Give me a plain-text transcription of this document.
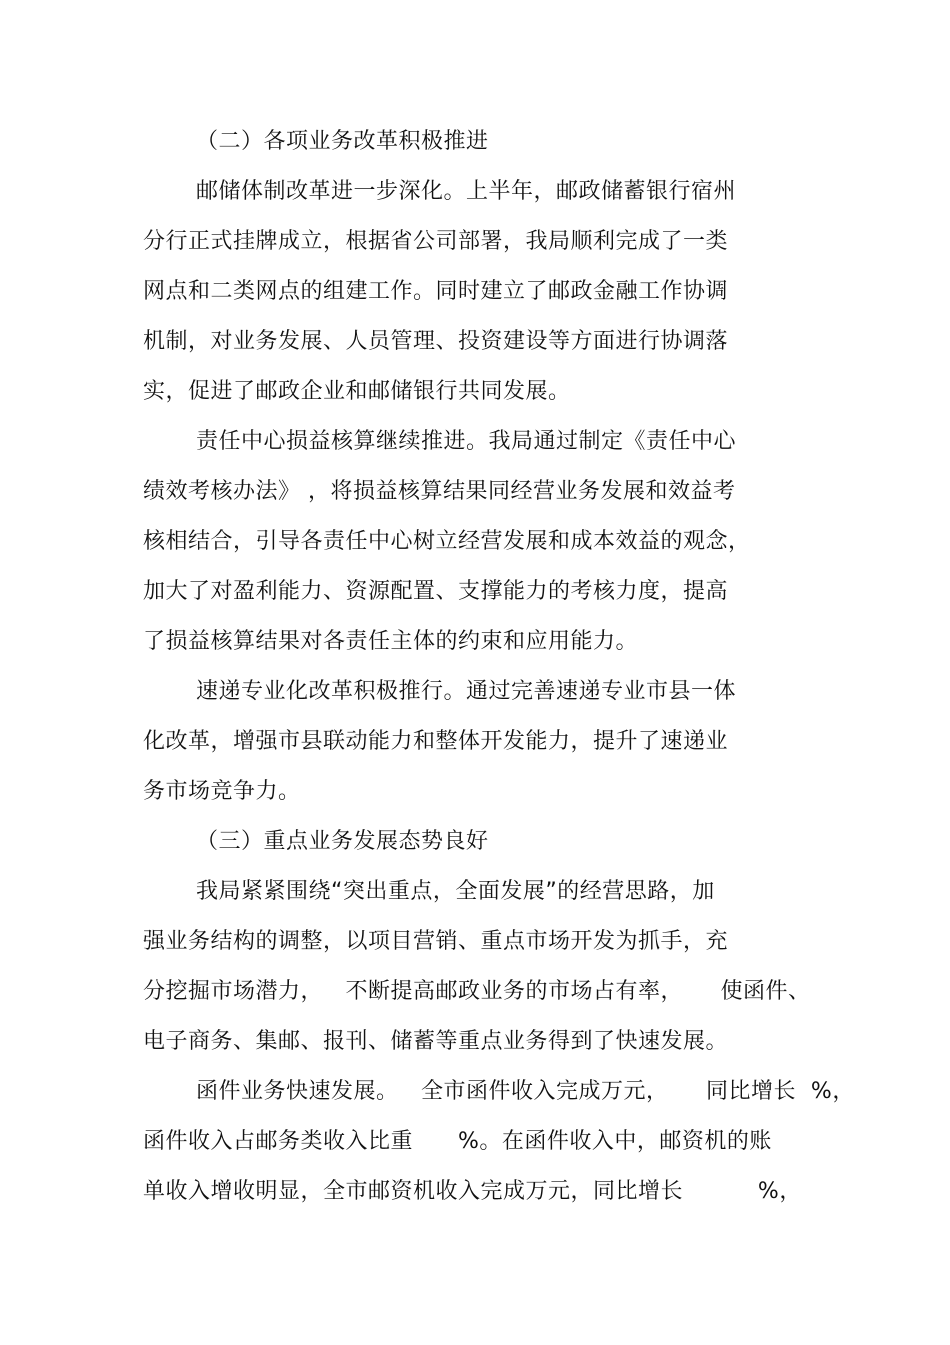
（二）各项业务改革积极推进
邮储体制改革进一步深化。上半年，邮政储蓄银行宿州
分行正式挂牌成立，根据省公司部署，我局顺利完成了一类
网点和二类网点的组建工作。同时建立了邮政金融工作协调
机制，对业务发展、人员管理、投资建设等方面进行协调落
实，促进了邮政企业和邮储银行共同发展。
责任中心损益核算继续推进。我局通过制定《责任中心
绩效考核办法》 ，将损益核算结果同经营业务发展和效益考
核相结合，引导各责任中心树立经营发展和成本效益的观念，
加大了对盈利能力、资源配置、支撑能力的考核力度，提高
了损益核算结果对各责任主体的约束和应用能力。
速递专业化改革积极推行。通过完善速递专业市县一体
化改革，增强市县联动能力和整体开发能力，提升了速递业
务市场竞争力。
（三）重点业务发展态势良好
我局紧紧围绕“突出重点，全面发展”的经营思路，加
强业务结构的调整，以项目营销、重点市场开发为抓手，充
分挖掘市场潜力，   不断提高邮政业务的市场占有率，     使函件、
电子商务、集邮、报刊、储蓄等重点业务得到了快速发展。
函件业务快速发展。   全市函件收入完成万元，     同比增长  %，
函件收入占邮务类收入比重      %。在函件收入中，邮资机的账
单收入增收明显，全市邮资机收入完成万元，同比增长          %，
